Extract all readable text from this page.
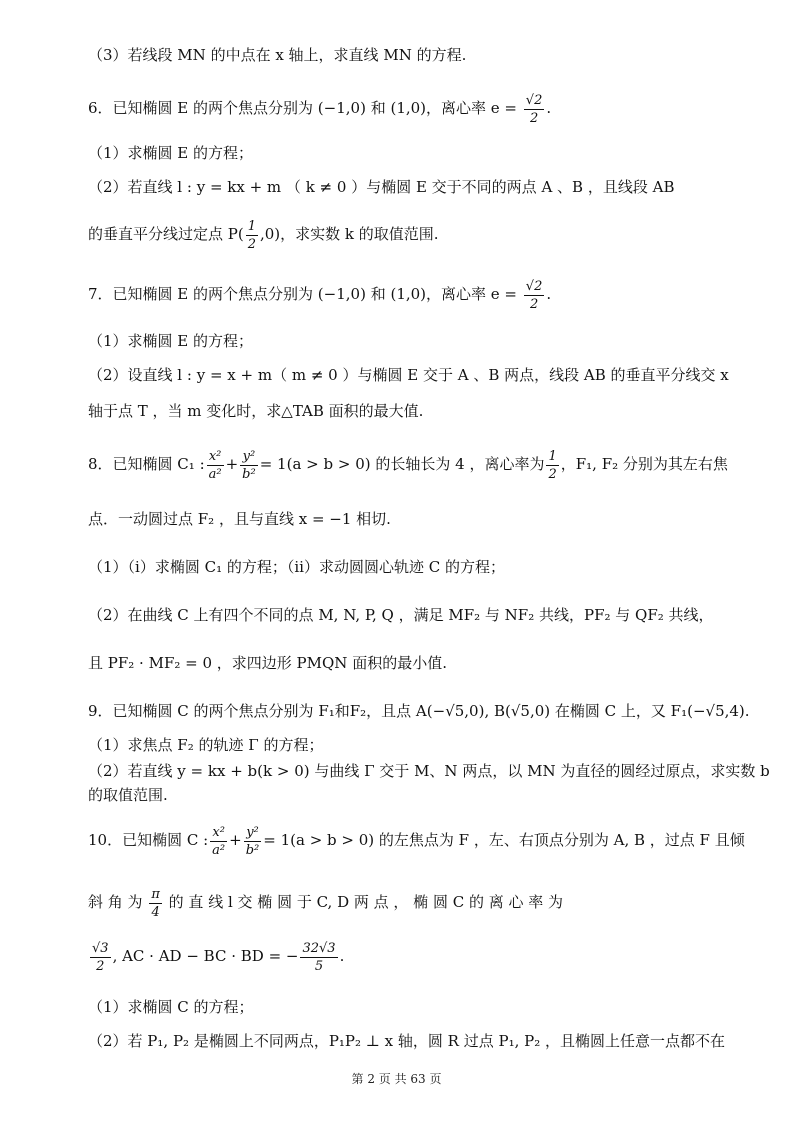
（3）若线段 MN 的中点在 x 轴上，求直线 MN 的方程.
6．已知椭圆 E 的两个焦点分别为 (−1,0) 和 (1,0)，离心率 $e = \frac{√2}{2}$ .
（1）求椭圆 E 的方程；
（2）若直线 l : y = kx + m （ k ≠ 0 ）与椭圆 E 交于不同的两点 A 、B ，且线段 AB
的垂直平分线过定点 $P( \frac{1}{2} ,0)$，求实数 k 的取值范围.
7．已知椭圆 E 的两个焦点分别为 (−1,0) 和 (1,0)，离心率 $e = \frac{√2}{2}$ .
（1）求椭圆 E 的方程；
（2）设直线 l : y = x + m（ m ≠ 0 ）与椭圆 E 交于 A 、B 两点，线段 AB 的垂直平分线交 x
轴于点 T ，当 m 变化时，求△TAB 面积的最大值.
8．已知椭圆 C₁ : $\frac{\text{x²}}{\text{a²}} + \frac{\text{y²}}{\text{b²}} = 1(a > b > 0)$ 的长轴长为 4 ，离心率为 $\frac{1}{2}$ ，F₁, F₂ 分别为其左右焦
点．一动圆过点 F₂ ，且与直线 x = −1 相切.
（1）（ⅰ）求椭圆 C₁ 的方程；（ⅱ）求动圆圆心轨迹 C 的方程；
（2）在曲线 C 上有四个不同的点 M, N, P, Q ，满足 MF₂ 与 NF₂ 共线，PF₂ 与 QF₂ 共线，
且 PF₂ · MF₂ = 0 ，求四边形 PMQN 面积的最小值.
9．已知椭圆 C 的两个焦点分别为 F₁和F₂，且点 A(−√5,0), B(√5,0) 在椭圆 C 上，又 F₁(−√5,4).
（1）求焦点 F₂ 的轨迹 Γ 的方程；
（2）若直线 y = kx + b(k > 0) 与曲线 Γ 交于 M、N 两点，以 MN 为直径的圆经过原点，求实数 b
的取值范围.
10．已知椭圆 C : $\frac{\text{x²}}{\text{a²}} + \frac{\text{y²}}{\text{b²}} = 1(a > b > 0)$ 的左焦点为 F ，左、右顶点分别为 A, B ，过点 F 且倾
斜 角 为 $\frac{\pi}{4}$ 的 直 线 l 交 椭 圆 于 C, D 两 点 ， 椭 圆 C 的 离 心 率 为
$\frac{√3}{2}$ , AC · AD − BC · BD = − $\frac{32√3}{5}$ .
（1）求椭圆 C 的方程；
（2）若 P₁, P₂ 是椭圆上不同两点，P₁P₂ ⊥ x 轴，圆 R 过点 P₁, P₂ ，且椭圆上任意一点都不在
第 2 页 共 63 页
